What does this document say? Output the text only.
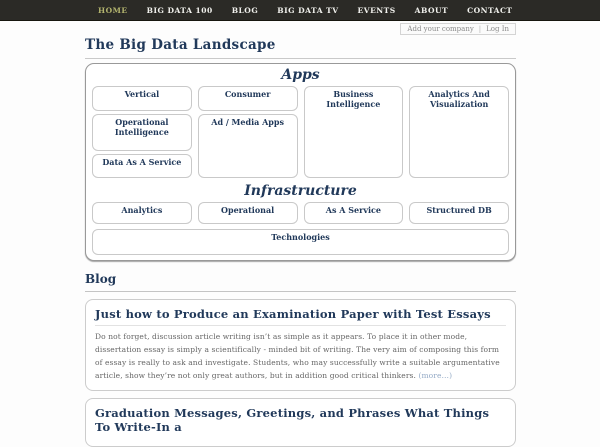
HOME	BIG DATA 100	BLOG	BIG DATA TV	EVENTS	ABOUT	CONTACT
Add your company | Log In
The Big Data Landscape
Apps
Vertical
Operational Intelligence
Data As A Service
Consumer
Ad / Media Apps
Business Intelligence
Analytics And Visualization
Infrastructure
Analytics	Operational	As A Service	Structured DB
Technologies
Blog
Just how to Produce an Examination Paper with Test Essays

Do not forget, discussion article writing isn’t as simple as it appears. To place it in other mode, dissertation essay is simply a scientifically - minded bit of writing. The very aim of composing this form of essay is really to ask and investigate. Students, who may successfully write a suitable argumentative article, show they’re not only great authors, but in addition good critical thinkers. (more…)

Graduation Messages, Greetings, and Phrases What Things To Write-In a
